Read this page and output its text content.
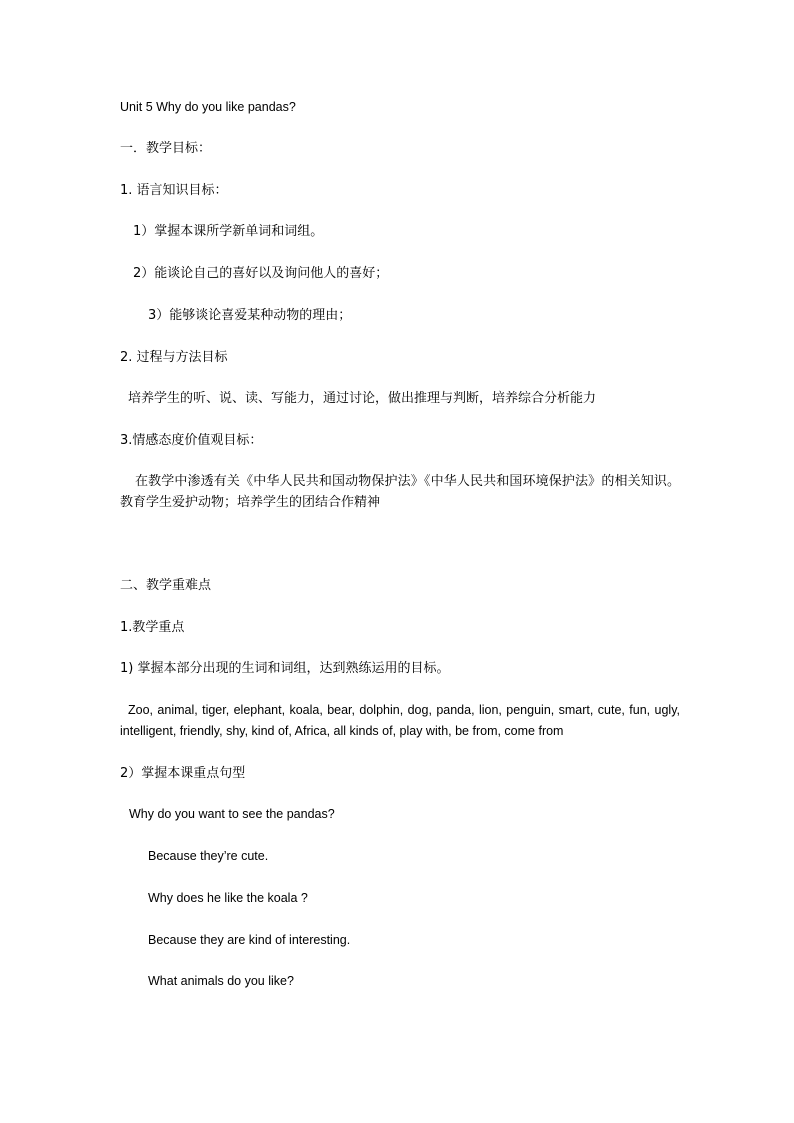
Unit 5 Why do you like pandas?
一．教学目标：
1. 语言知识目标：
1）掌握本课所学新单词和词组。
2）能谈论自己的喜好以及询问他人的喜好；
3）能够谈论喜爱某种动物的理由；
2. 过程与方法目标
培养学生的听、说、读、写能力，通过讨论，做出推理与判断，培养综合分析能力
3.情感态度价值观目标：
在教学中渗透有关《中华人民共和国动物保护法》《中华人民共和国环境保护法》的相关知识。教育学生爱护动物；培养学生的团结合作精神
二、教学重难点
1.教学重点
1) 掌握本部分出现的生词和词组，达到熟练运用的目标。
Zoo, animal, tiger, elephant, koala, bear, dolphin, dog, panda, lion, penguin, smart, cute, fun, ugly, intelligent, friendly, shy, kind of, Africa, all kinds of, play with, be from, come from
2）掌握本课重点句型
Why do you want to see the pandas?
Because they’re cute.
Why does he like the koala ?
Because they are kind of interesting.
What animals do you like?
